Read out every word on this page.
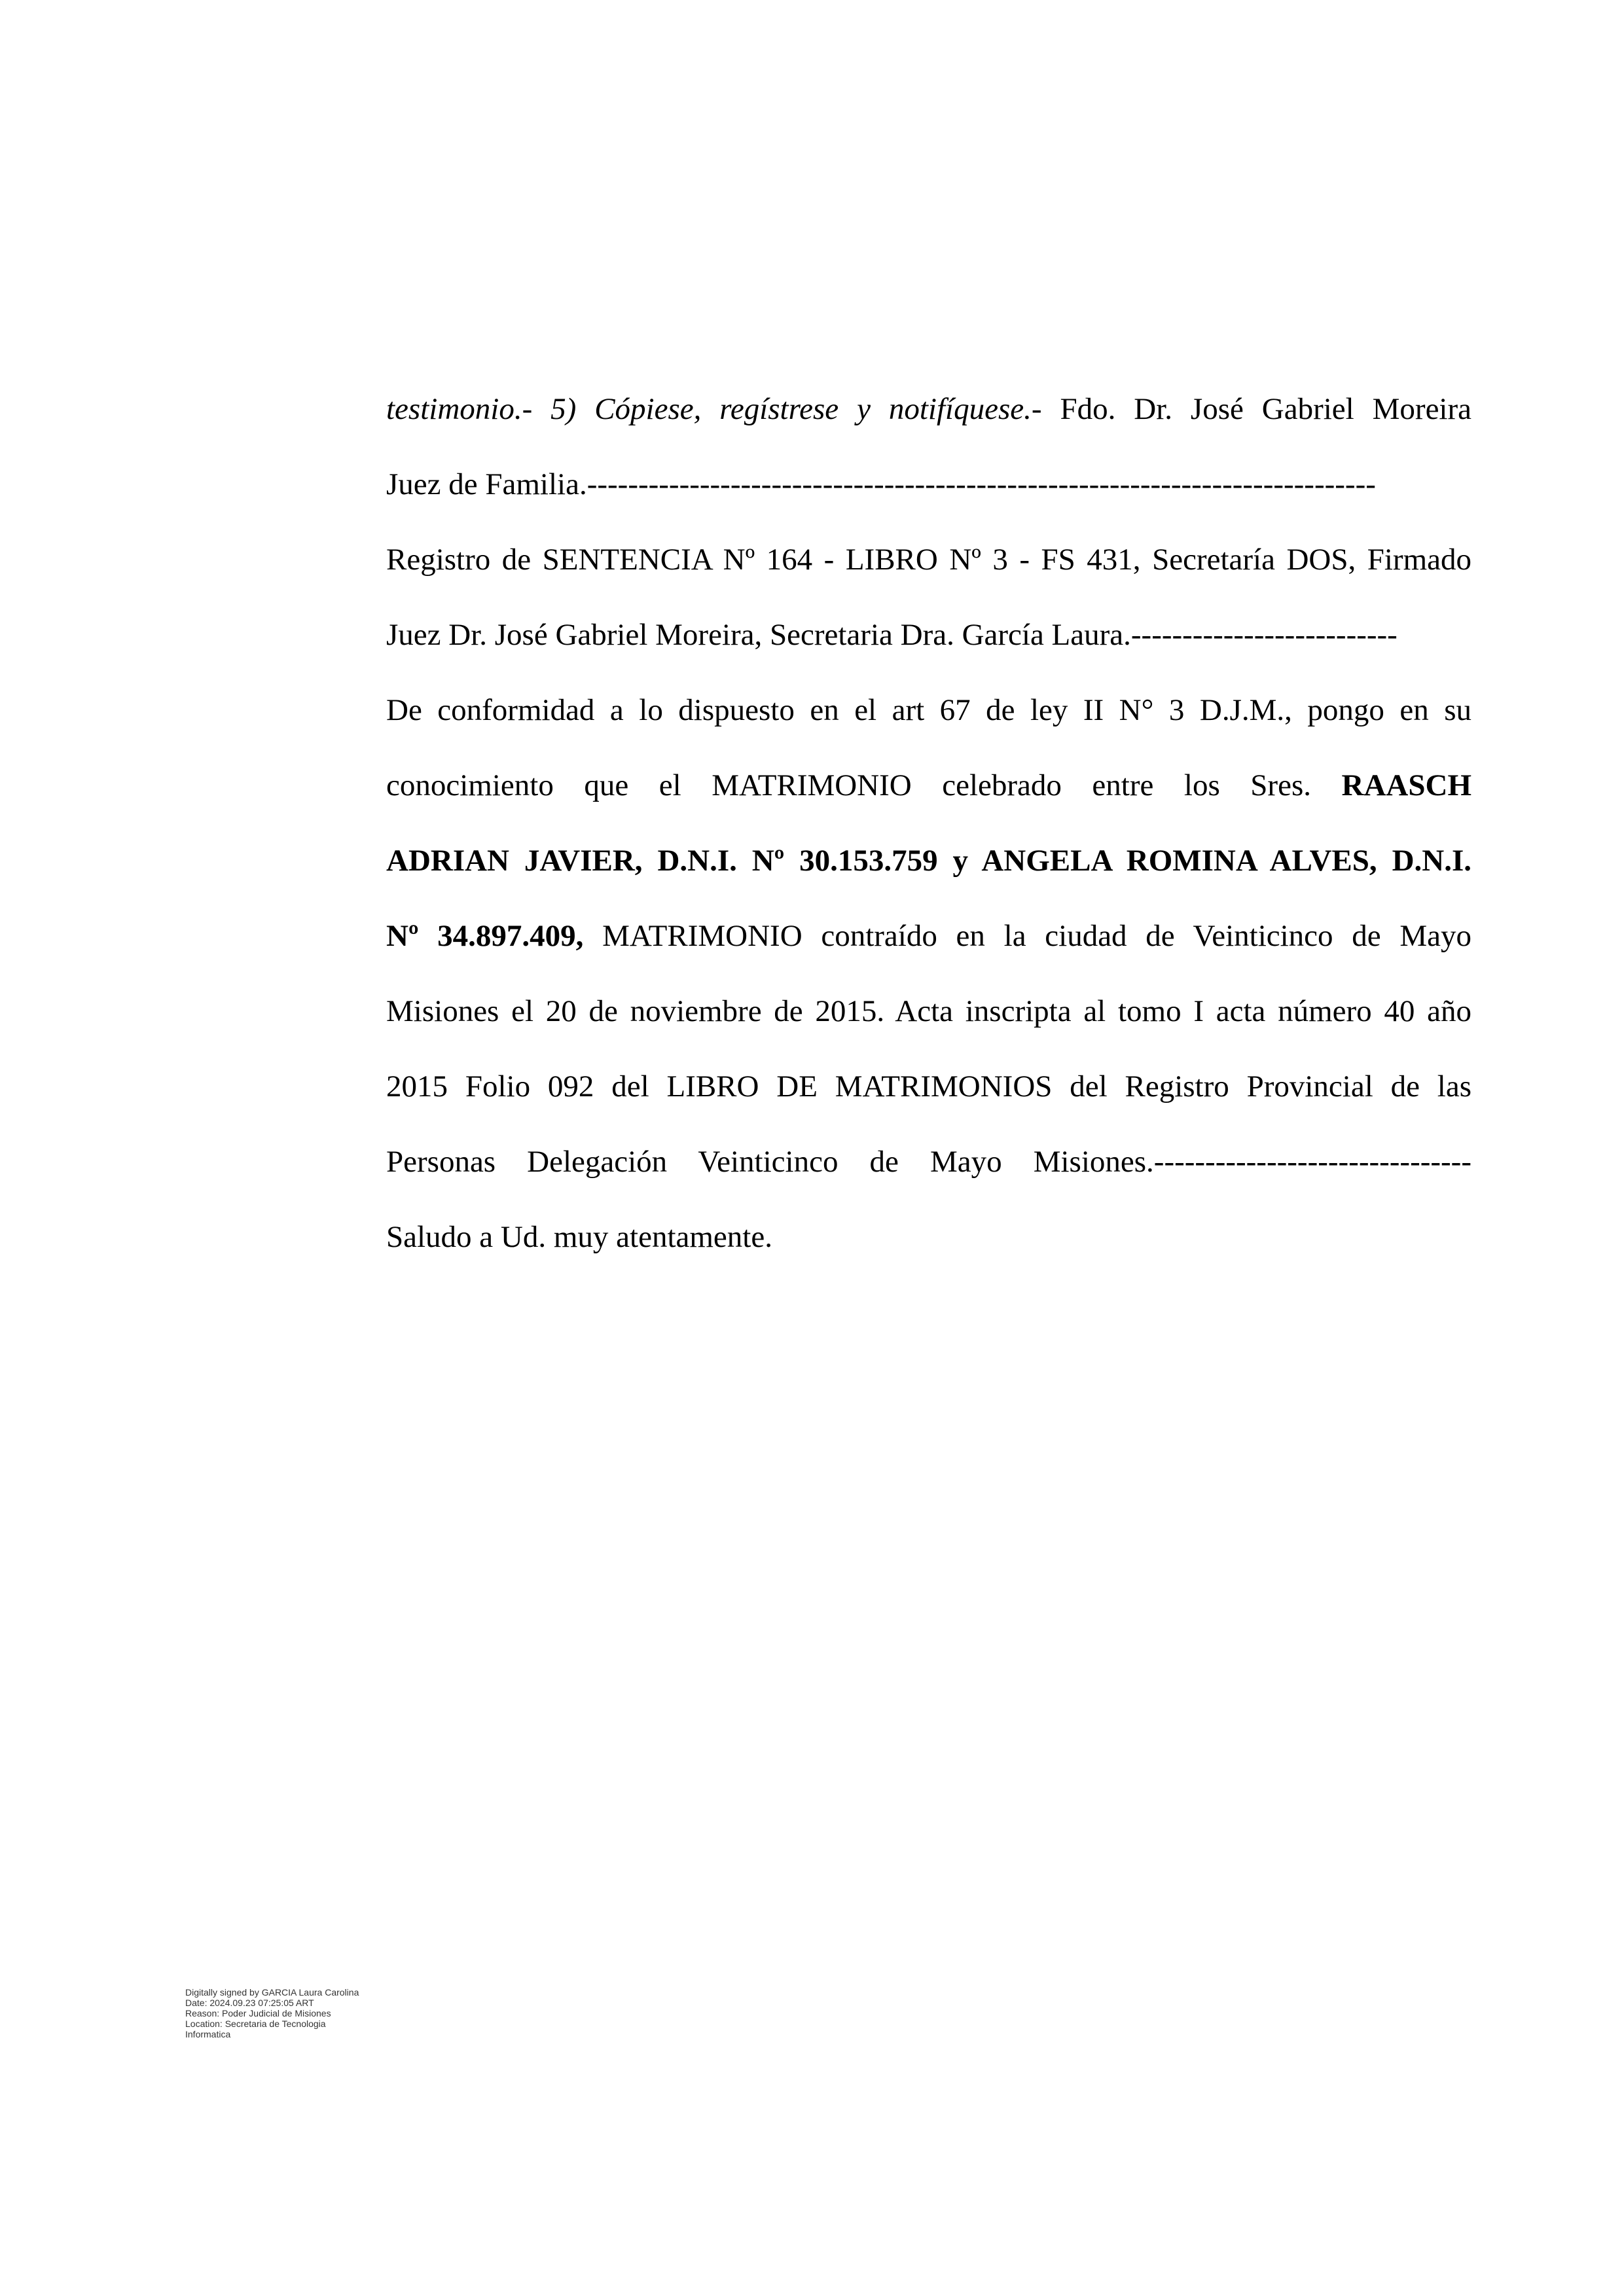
testimonio.- 5) Cópiese, regístrese y notifíquese.- Fdo. Dr. José Gabriel Moreira
Juez de Familia.-----------------------------------------------------------------------------
Registro de SENTENCIA Nº 164 - LIBRO Nº 3 - FS 431, Secretaría DOS, Firmado
Juez Dr. José Gabriel Moreira, Secretaria Dra. García Laura.--------------------------
De conformidad a lo dispuesto en el art 67 de ley II N° 3 D.J.M., pongo en su
conocimiento que el MATRIMONIO celebrado entre los Sres. RAASCH
ADRIAN JAVIER, D.N.I. Nº 30.153.759 y ANGELA ROMINA ALVES, D.N.I.
Nº 34.897.409, MATRIMONIO contraído en la ciudad de Veinticinco de Mayo
Misiones el 20 de noviembre de 2015. Acta inscripta al tomo I acta número 40 año
2015 Folio 092 del LIBRO DE MATRIMONIOS del Registro Provincial de las
Personas Delegación Veinticinco de Mayo Misiones.-------------------------------
Saludo a Ud. muy atentamente.
Digitally signed by GARCIA Laura Carolina
Date: 2024.09.23 07:25:05 ART
Reason: Poder Judicial de Misiones
Location: Secretaria de Tecnologia
Informatica
